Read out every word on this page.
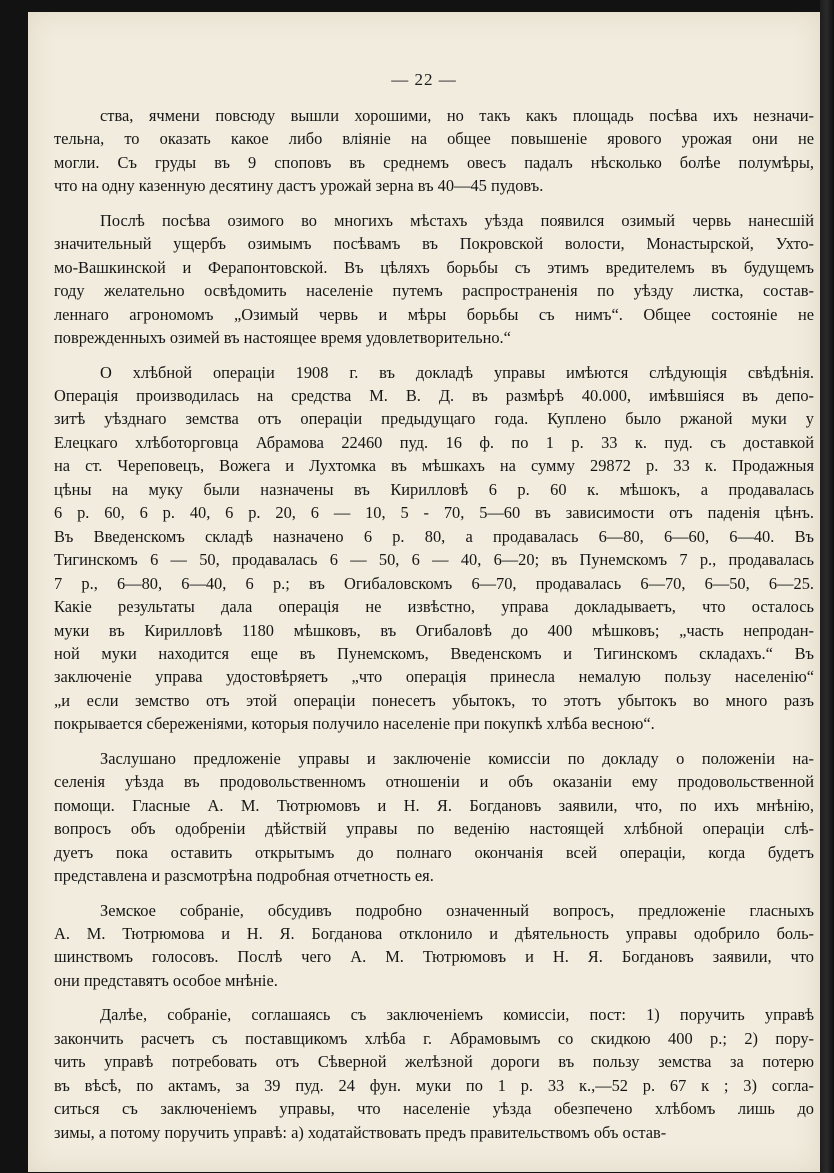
— 22 —
ства, ячмени повсюду вышли хорошими, но такъ какъ площадь посѣва ихъ незначи-
тельна, то оказать какое либо вліяніе на общее повышеніе ярового урожая они не
могли. Съ груды въ 9 споповъ въ среднемъ овесъ падалъ нѣсколько болѣе полумѣры,
что на одну казенную десятину дастъ урожай зерна въ 40—45 пудовъ.
Послѣ посѣва озимого во многихъ мѣстахъ уѣзда появился озимый червь нанесшій
значительный ущербъ озимымъ посѣвамъ въ Покровской волости, Монастырской, Ухто-
мо-Вашкинской и Ферапонтовской. Въ цѣляхъ борьбы съ этимъ вредителемъ въ будущемъ
году желательно освѣдомить населеніе путемъ распространенія по уѣзду листка, состав-
леннаго агрономомъ „Озимый червь и мѣры борьбы съ нимъ“. Общее состояніе не
поврежденныхъ озимей въ настоящее время удовлетворительно.“
О хлѣбной операціи 1908 г. въ докладѣ управы имѣются слѣдующія свѣдѣнія.
Операція производилась на средства М. В. Д. въ размѣрѣ 40.000, имѣвшіяся въ депо-
зитѣ уѣзднаго земства отъ операціи предыдущаго года. Куплено было ржаной муки у
Елецкаго хлѣботорговца Абрамова 22460 пуд. 16 ф. по 1 р. 33 к. пуд. съ доставкой
на ст. Череповецъ, Вожега и Лухтомка въ мѣшкахъ на сумму 29872 р. 33 к. Продажныя
цѣны на муку были назначены въ Кирилловѣ 6 р. 60 к. мѣшокъ, а продавалась
6 р. 60, 6 р. 40, 6 р. 20, 6 — 10, 5 - 70, 5—60 въ зависимости отъ паденія цѣнъ.
Въ Введенскомъ складѣ назначено 6 р. 80, а продавалась 6—80, 6—60, 6—40. Въ
Тигинскомъ 6 — 50, продавалась 6 — 50, 6 — 40, 6—20; въ Пунемскомъ 7 р., продавалась
7 р., 6—80, 6—40, 6 р.; въ Огибаловскомъ 6—70, продавалась 6—70, 6—50, 6—25.
Какіе результаты дала операція не извѣстно, управа докладываетъ, что осталось
муки въ Кирилловѣ 1180 мѣшковъ, въ Огибаловѣ до 400 мѣшковъ; „часть непродан-
ной муки находится еще въ Пунемскомъ, Введенскомъ и Тигинскомъ складахъ.“ Въ
заключеніе управа удостовѣряетъ „что операція принесла немалую пользу населенію“
„и если земство отъ этой операціи понесетъ убытокъ, то этотъ убытокъ во много разъ
покрывается сбереженіями, которыя получило населеніе при покупкѣ хлѣба весною“.
Заслушано предложеніе управы и заключеніе комиссіи по докладу о положеніи на-
селенія уѣзда въ продовольственномъ отношеніи и объ оказаніи ему продовольственной
помощи. Гласные А. М. Тютрюмовъ и Н. Я. Богдановъ заявили, что, по ихъ мнѣнію,
вопросъ объ одобреніи дѣйствій управы по веденію настоящей хлѣбной операціи слѣ-
дуетъ пока оставить открытымъ до полнаго окончанія всей операціи, когда будетъ
представлена и разсмотрѣна подробная отчетность ея.
Земское собраніе, обсудивъ подробно означенный вопросъ, предложеніе гласныхъ
А. М. Тютрюмова и Н. Я. Богданова отклонило и дѣятельность управы одобрило боль-
шинствомъ голосовъ. Послѣ чего А. М. Тютрюмовъ и Н. Я. Богдановъ заявили, что
они представятъ особое мнѣніе.
Далѣе, собраніе, соглашаясь съ заключеніемъ комиссіи, пост: 1) поручить управѣ
закончить расчетъ съ поставщикомъ хлѣба г. Абрамовымъ со скидкою 400 р.; 2) пору-
чить управѣ потребовать отъ Сѣверной желѣзной дороги въ пользу земства за потерю
въ вѣсѣ, по актамъ, за 39 пуд. 24 фун. муки по 1 р. 33 к.,—52 р. 67 к ; 3) согла-
ситься съ заключеніемъ управы, что населеніе уѣзда обезпечено хлѣбомъ лишь до
зимы, а потому поручить управѣ: а) ходатайствовать предъ правительствомъ объ остав-
